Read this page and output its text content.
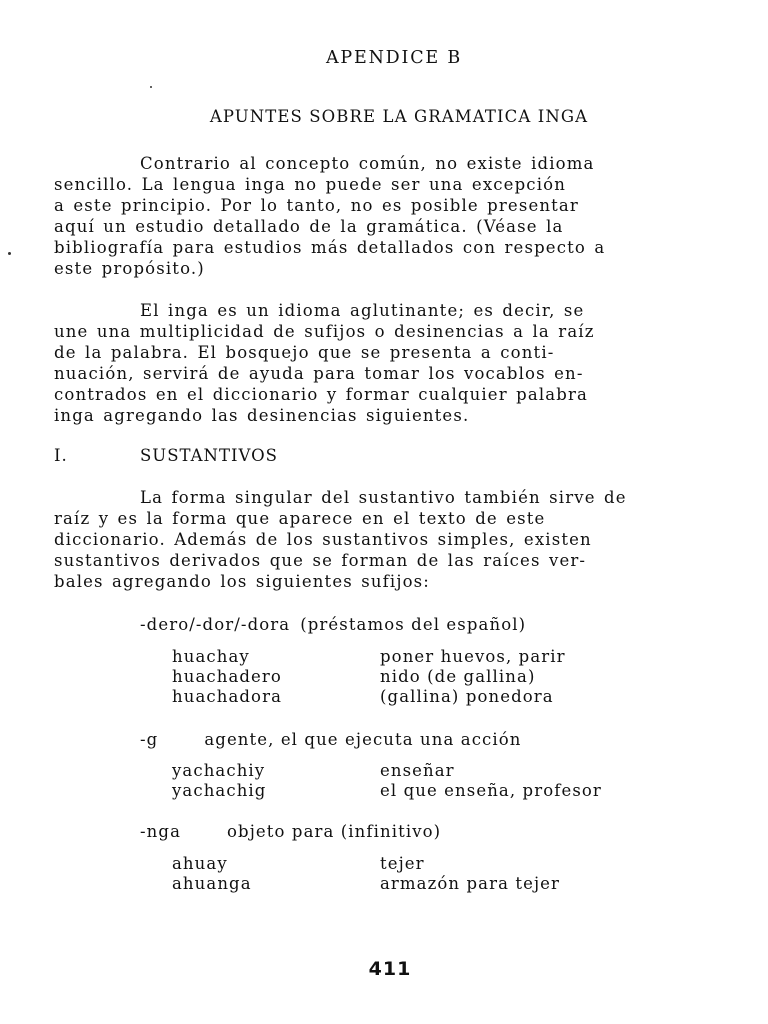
APENDICE B
APUNTES SOBRE LA GRAMATICA INGA
Contrario al concepto común, no existe idioma
sencillo. La lengua inga no puede ser una excepción
a este principio. Por lo tanto, no es posible presentar
aquí un estudio detallado de la gramática. (Véase la
bibliografía para estudios más detallados con respecto a
este propósito.)
El inga es un idioma aglutinante; es decir, se
une una multiplicidad de sufijos o desinencias a la raíz
de la palabra. El bosquejo que se presenta a conti-
nuación, servirá de ayuda para tomar los vocablos en-
contrados en el diccionario y formar cualquier palabra
inga agregando las desinencias siguientes.
I.	SUSTANTIVOS
La forma singular del sustantivo también sirve de
raíz y es la forma que aparece en el texto de este
diccionario. Además de los sustantivos simples, existen
sustantivos derivados que se forman de las raíces ver-
bales agregando los siguientes sufijos:
-dero/-dor/-dora (préstamos del español)
huachay	poner huevos, parir
huachadero	nido (de gallina)
huachadora	(gallina) ponedora
-g	agente, el que ejecuta una acción
yachachiy	enseñar
yachachig	el que enseña, profesor
-nga	objeto para (infinitivo)
ahuay	tejer
ahuanga	armazón para tejer
411
